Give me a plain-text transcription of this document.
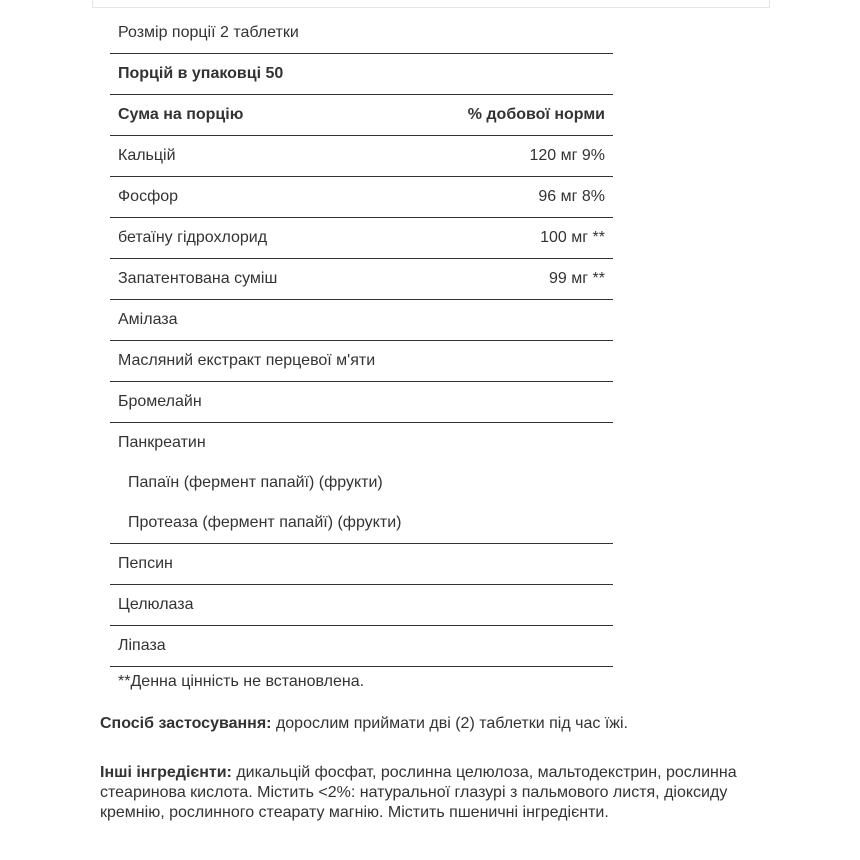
Розмір порції 2 таблетки	
Порцій в упаковці 50	
Сума на порцію	% добової норми
Кальцій	120 мг 9%
Фосфор	96 мг 8%
бетаїну гідрохлорид	100 мг **
Запатентована суміш	99 мг **
Амілаза	
Масляний екстракт перцевої м'яти	
Бромелайн	
Панкреатин	
Папаїн (фермент папайї) (фрукти)	
Протеаза (фермент папайї) (фрукти)	
Пепсин	
Целюлаза	
Ліпаза	
**Денна цінність не встановлена.

Спосіб застосування: дорослим приймати дві (2) таблетки під час їжі.

Інші інгредієнти: дикальцій фосфат, рослинна целюлоза, мальтодекстрин, рослинна стеаринова кислота. Містить <2%: натуральної глазурі з пальмового листя, діоксиду кремнію, рослинного стеарату магнію. Містить пшеничні інгредієнти.
